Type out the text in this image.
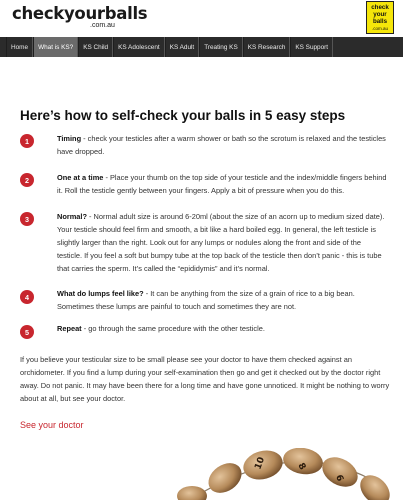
checkyourballs
.com.au
check
your
balls
.com.au
Home	What is KS?	KS Child	KS Adolescent	KS Adult	Treating KS	KS Research	KS Support
Here’s how to self-check your balls in 5 easy steps
1	Timing - check your testicles after a warm shower or bath so the scrotum is relaxed and the testicles have dropped.

2	One at a time - Place your thumb on the top side of your testicle and the index/middle fingers behind it. Roll the testicle gently between your fingers. Apply a bit of pressure when you do this.

3	Normal? - Normal adult size is around 6-20ml (about the size of an acorn up to medium sized date). Your testicle should feel firm and smooth, a bit like a hard boiled egg. In general, the left testicle is slightly larger than the right. Look out for any lumps or nodules along the front and side of the testicle. If you feel a soft but bumpy tube at the top back of the testicle then don’t panic - this is tube that carries the sperm. It’s called the “epididymis” and it’s normal.

4	What do lumps feel like? - It can be anything from the size of a grain of rice to a big bean. Sometimes these lumps are painful to touch and sometimes they are not.

5	Repeat - go through the same procedure with the other testicle.

If you believe your testicular size to be small please see your doctor to have them checked against an orchidometer. If you find a lump during your self-examination then go and get it checked out by the doctor right away. Do not panic. It may have been there for a long time and have gone unnoticed. It might be nothing to worry about at all, but see your doctor.

See your doctor
10	8
6
